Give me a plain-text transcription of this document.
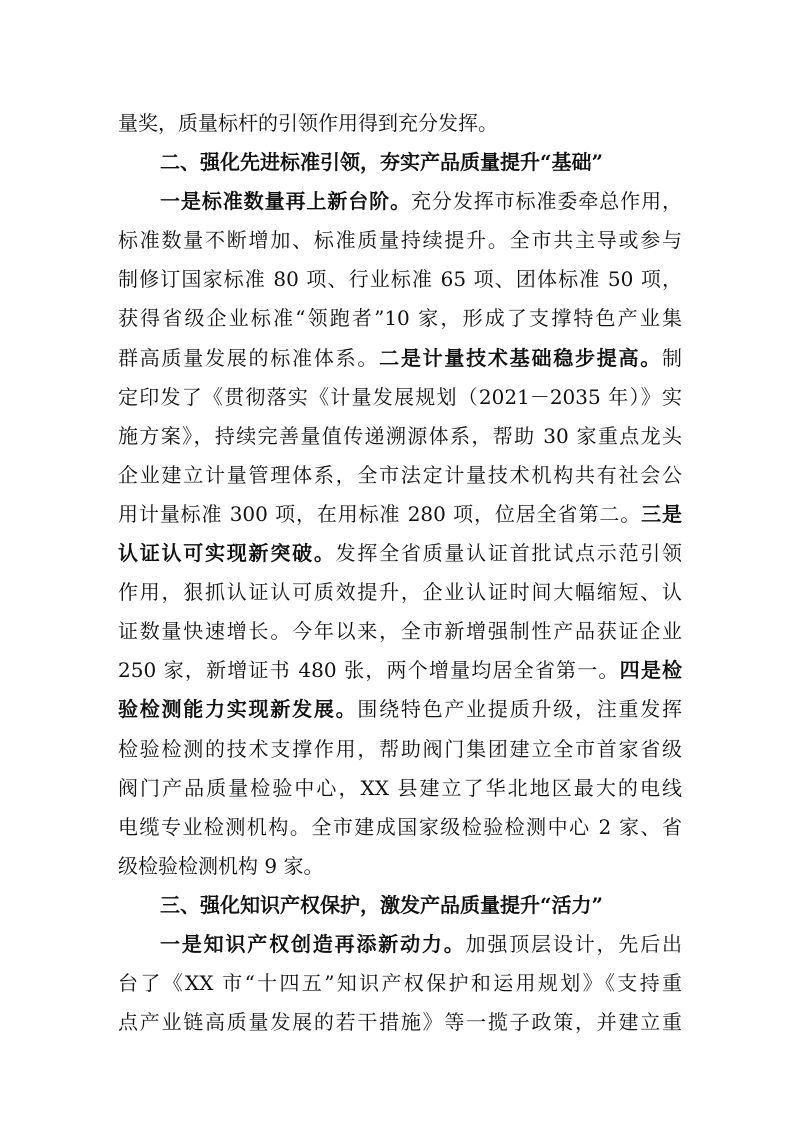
量奖，质量标杆的引领作用得到充分发挥。
二、强化先进标准引领，夯实产品质量提升“基础”
一是标准数量再上新台阶。充分发挥市标准委牵总作用，
标准数量不断增加、标准质量持续提升。全市共主导或参与
制修订国家标准 80 项、行业标准 65 项、团体标准 50 项，
获得省级企业标准“领跑者”10 家，形成了支撑特色产业集
群高质量发展的标准体系。二是计量技术基础稳步提高。制
定印发了《贯彻落实《计量发展规划（2021－2035 年）》实
施方案》，持续完善量值传递溯源体系，帮助 30 家重点龙头
企业建立计量管理体系，全市法定计量技术机构共有社会公
用计量标准 300 项，在用标准 280 项，位居全省第二。三是
认证认可实现新突破。发挥全省质量认证首批试点示范引领
作用，狠抓认证认可质效提升，企业认证时间大幅缩短、认
证数量快速增长。今年以来，全市新增强制性产品获证企业
250 家，新增证书 480 张，两个增量均居全省第一。四是检
验检测能力实现新发展。围绕特色产业提质升级，注重发挥
检验检测的技术支撑作用，帮助阀门集团建立全市首家省级
阀门产品质量检验中心，XX 县建立了华北地区最大的电线
电缆专业检测机构。全市建成国家级检验检测中心 2 家、省
级检验检测机构 9 家。
三、强化知识产权保护，激发产品质量提升“活力”
一是知识产权创造再添新动力。加强顶层设计，先后出
台了《XX 市“十四五”知识产权保护和运用规划》《支持重
点产业链高质量发展的若干措施》等一揽子政策，并建立重
